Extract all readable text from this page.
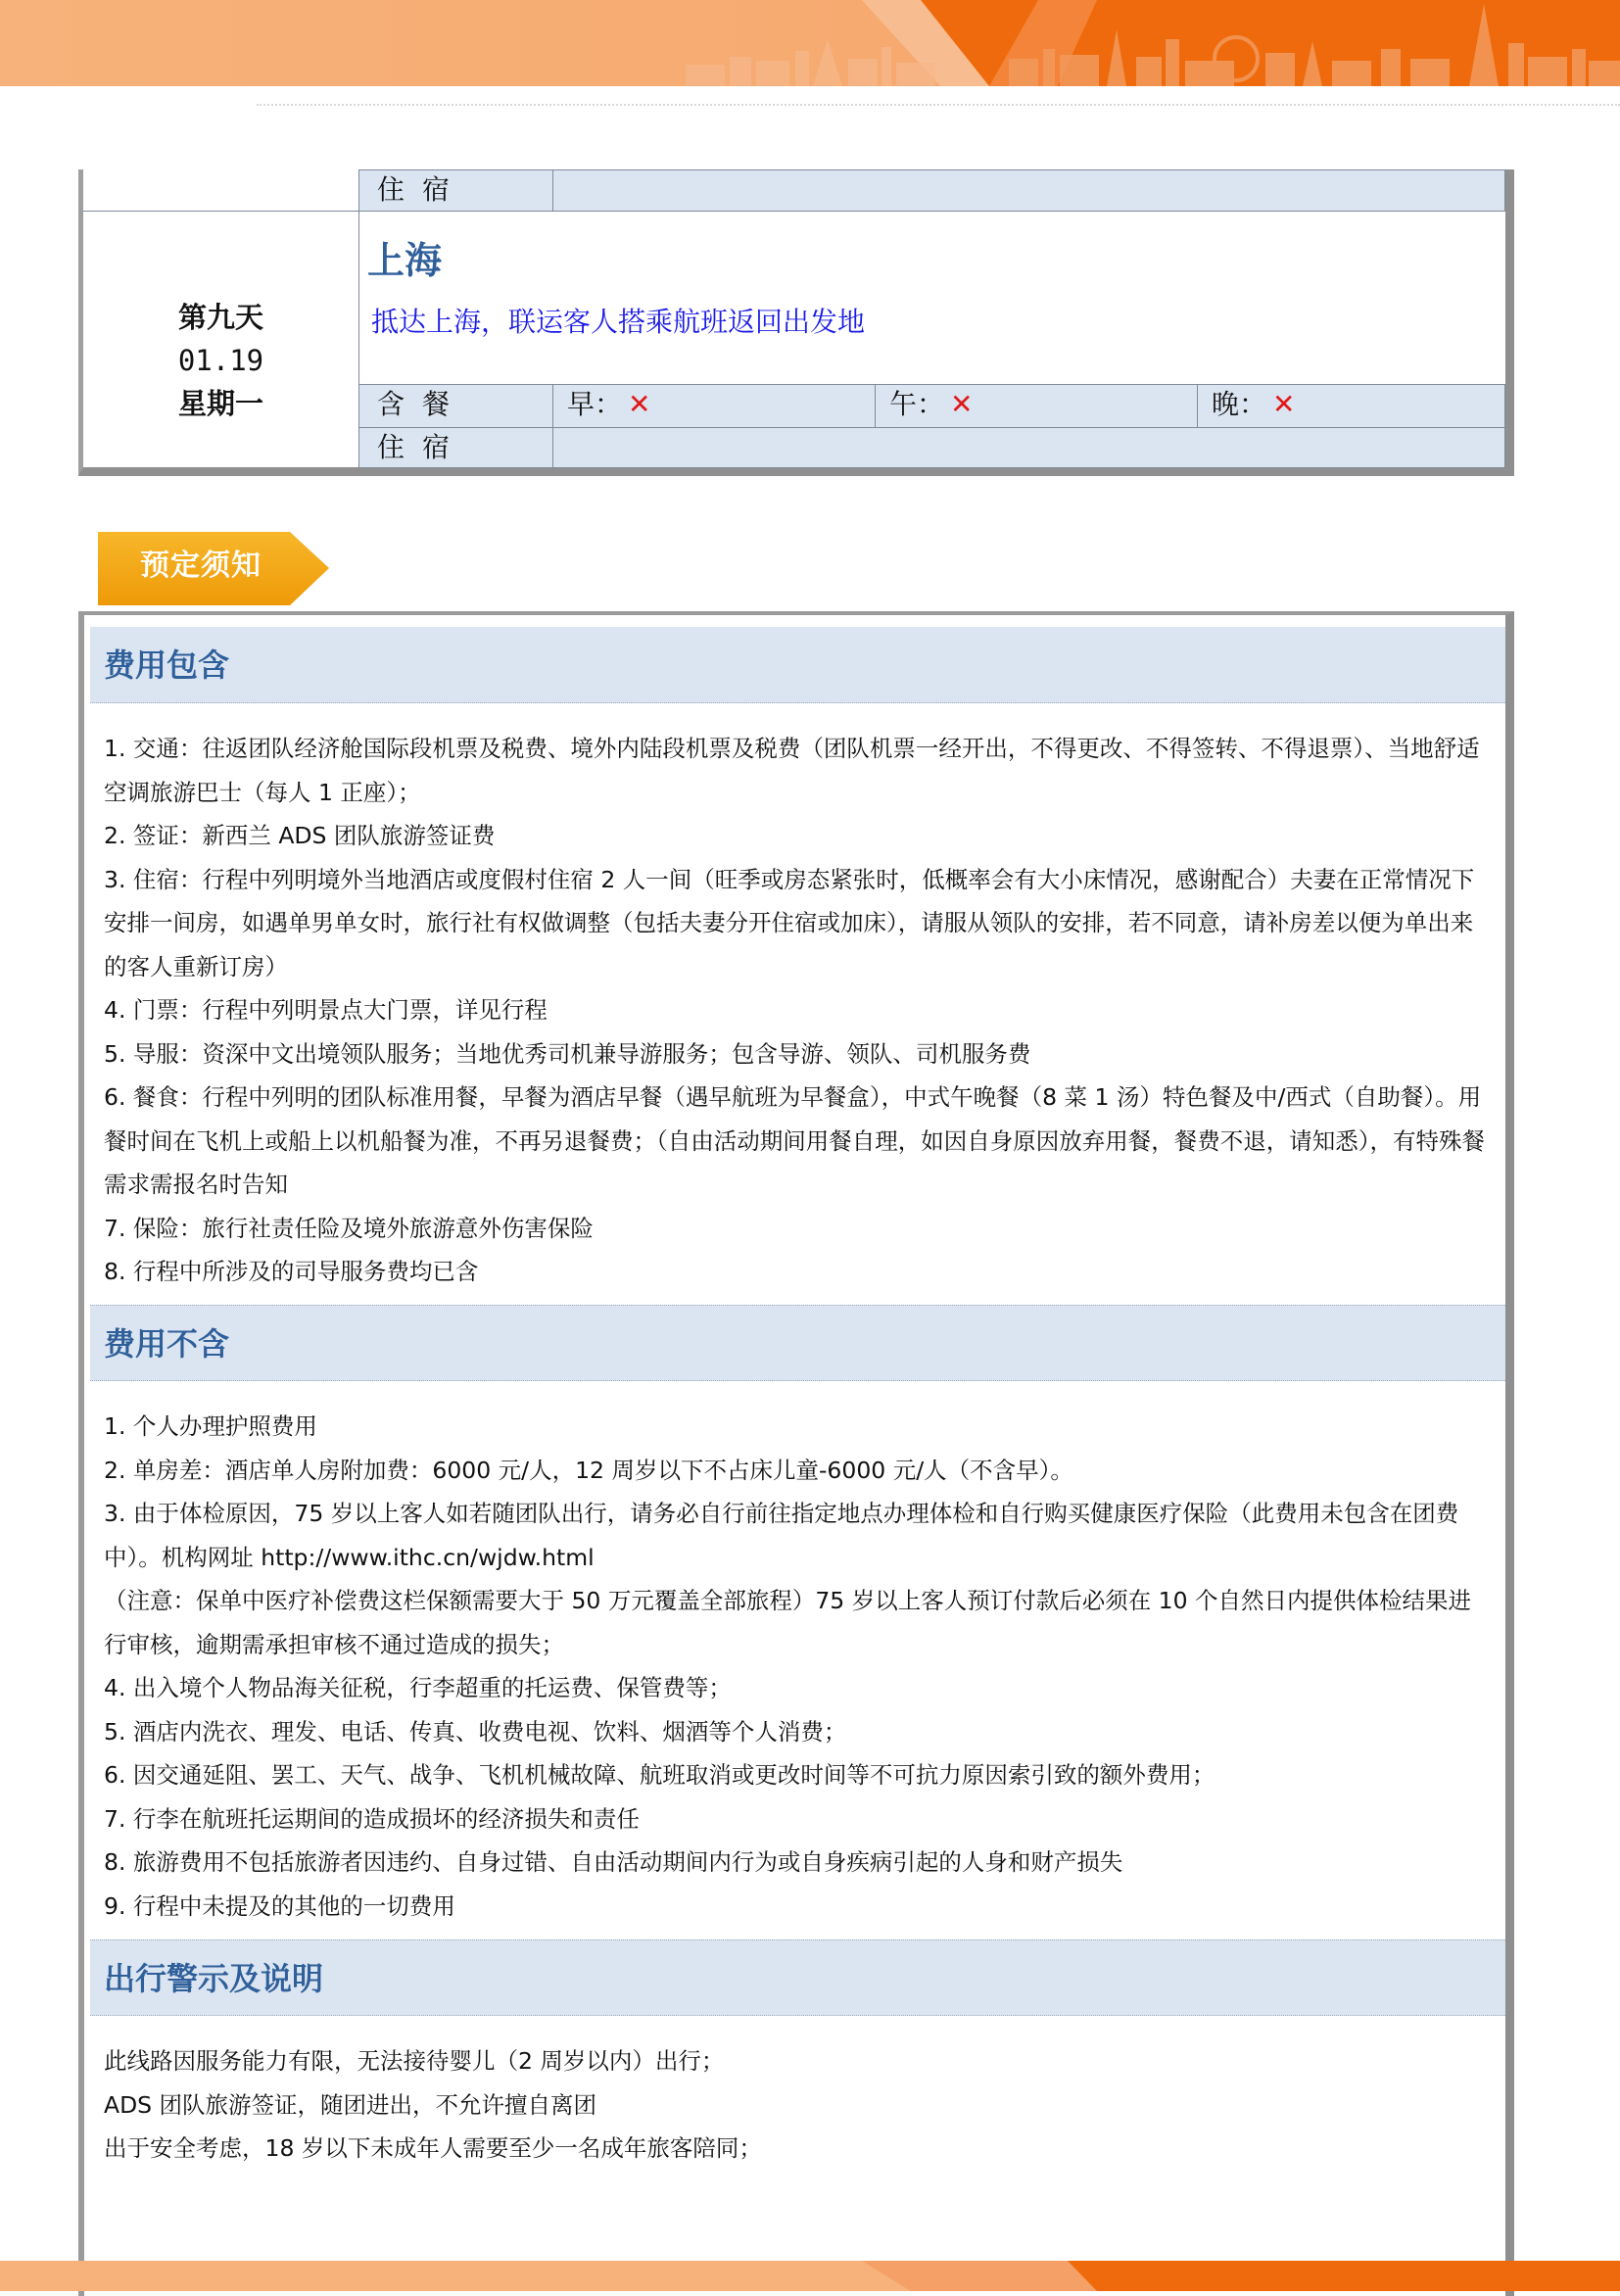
住宿
第九天
01.19
星期一
上海
抵达上海，联运客人搭乘航班返回出发地
含餐	早： ✕	午： ✕	晚： ✕
住宿
预定须知
费用包含

1. 交通：往返团队经济舱国际段机票及税费、境外内陆段机票及税费（团队机票一经开出，不得更改、不得签转、不得退票）、当地舒适空调旅游巴士（每人 1 正座）；

2. 签证：新西兰 ADS 团队旅游签证费

3. 住宿：行程中列明境外当地酒店或度假村住宿 2 人一间（旺季或房态紧张时，低概率会有大小床情况，感谢配合）夫妻在正常情况下安排一间房，如遇单男单女时，旅行社有权做调整（包括夫妻分开住宿或加床），请服从领队的安排，若不同意，请补房差以便为单出来的客人重新订房）

4. 门票：行程中列明景点大门票，详见行程

5. 导服：资深中文出境领队服务；当地优秀司机兼导游服务；包含导游、领队、司机服务费

6. 餐食：行程中列明的团队标准用餐，早餐为酒店早餐（遇早航班为早餐盒），中式午晚餐（8 菜 1 汤）特色餐及中/西式（自助餐）。用餐时间在飞机上或船上以机船餐为准，不再另退餐费；（自由活动期间用餐自理，如因自身原因放弃用餐，餐费不退，请知悉），有特殊餐需求需报名时告知

7. 保险：旅行社责任险及境外旅游意外伤害保险

8. 行程中所涉及的司导服务费均已含

费用不含

1. 个人办理护照费用

2. 单房差：酒店单人房附加费：6000 元/人，12 周岁以下不占床儿童-6000 元/人（不含早）。

3. 由于体检原因，75 岁以上客人如若随团队出行，请务必自行前往指定地点办理体检和自行购买健康医疗保险（此费用未包含在团费中）。机构网址 http://www.ithc.cn/wjdw.html

（注意：保单中医疗补偿费这栏保额需要大于 50 万元覆盖全部旅程）75 岁以上客人预订付款后必须在 10 个自然日内提供体检结果进行审核，逾期需承担审核不通过造成的损失；

4. 出入境个人物品海关征税，行李超重的托运费、保管费等；

5. 酒店内洗衣、理发、电话、传真、收费电视、饮料、烟酒等个人消费；

6. 因交通延阻、罢工、天气、战争、飞机机械故障、航班取消或更改时间等不可抗力原因索引致的额外费用；

7. 行李在航班托运期间的造成损坏的经济损失和责任

8. 旅游费用不包括旅游者因违约、自身过错、自由活动期间内行为或自身疾病引起的人身和财产损失

9. 行程中未提及的其他的一切费用

出行警示及说明

此线路因服务能力有限，无法接待婴儿（2 周岁以内）出行；

ADS 团队旅游签证，随团进出，不允许擅自离团

出于安全考虑，18 岁以下未成年人需要至少一名成年旅客陪同；
